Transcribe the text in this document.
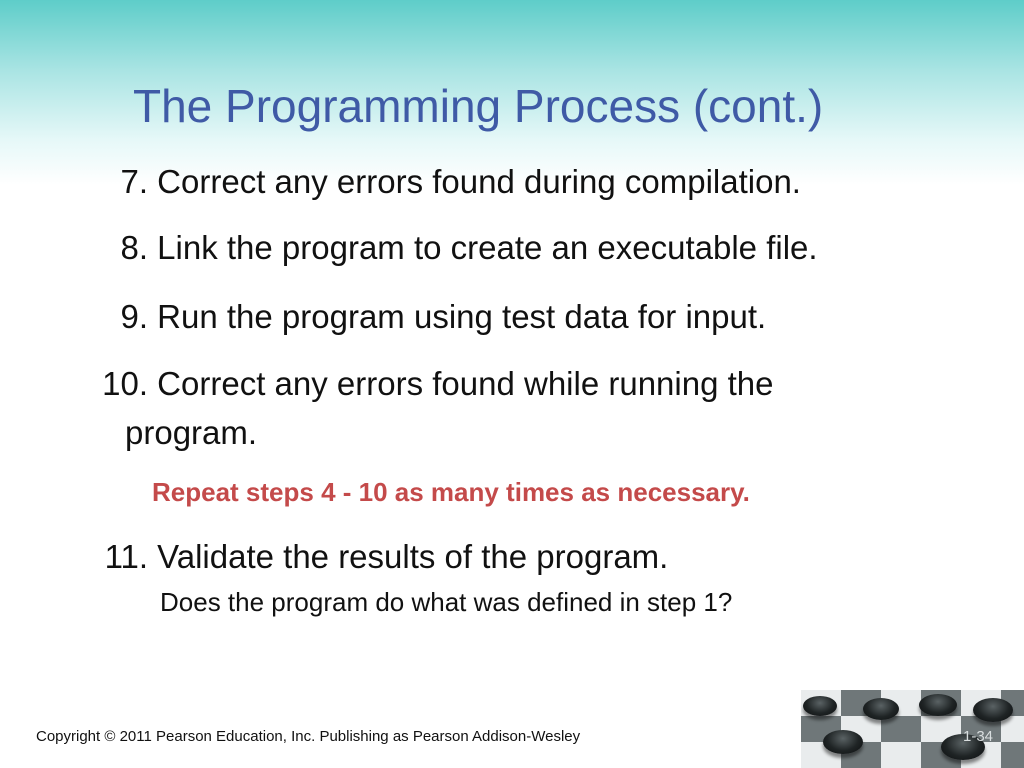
The Programming Process (cont.)
7. Correct any errors found during compilation.
8. Link the program to create an executable file.
9. Run the program using test data for input.
10. Correct any errors found while running the
program.
Repeat steps 4 - 10 as many times as necessary.
11. Validate the results of the program.
Does the program do what was defined in step 1?
Copyright © 2011 Pearson Education, Inc. Publishing as Pearson Addison-Wesley	1-34
